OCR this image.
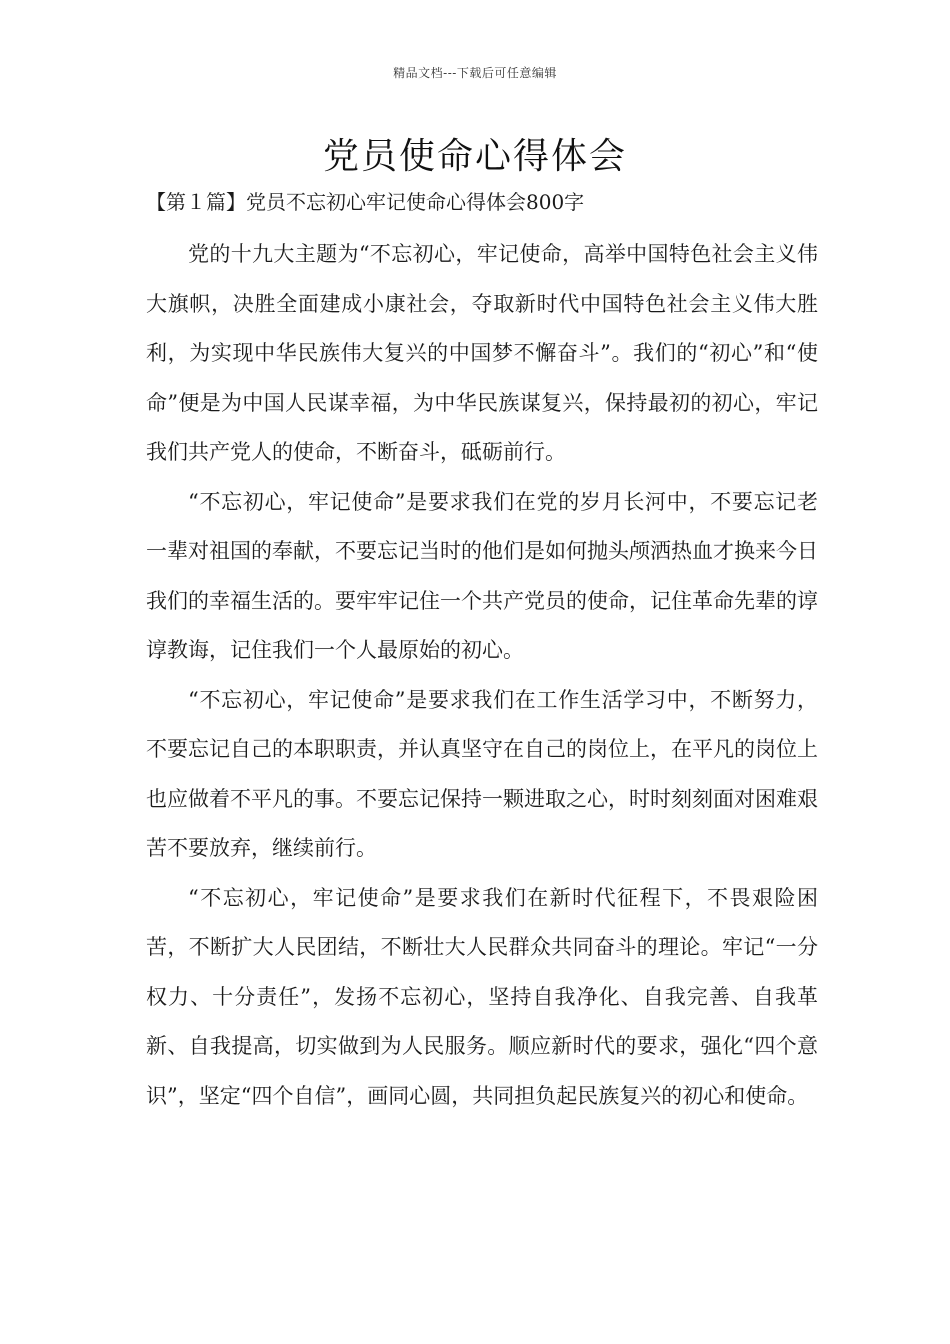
精品文档---下载后可任意编辑
党员使命心得体会
【第１篇】党员不忘初心牢记使命心得体会800字

党的十九大主题为“不忘初心，牢记使命，高举中国特色社会主义伟大旗帜，决胜全面建成小康社会，夺取新时代中国特色社会主义伟大胜利，为实现中华民族伟大复兴的中国梦不懈奋斗”。我们的“初心”和“使命”便是为中国人民谋幸福，为中华民族谋复兴，保持最初的初心，牢记我们共产党人的使命，不断奋斗，砥砺前行。

“不忘初心，牢记使命”是要求我们在党的岁月长河中，不要忘记老一辈对祖国的奉献，不要忘记当时的他们是如何抛头颅洒热血才换来今日我们的幸福生活的。要牢牢记住一个共产党员的使命，记住革命先辈的谆谆教诲，记住我们一个人最原始的初心。

“不忘初心，牢记使命”是要求我们在工作生活学习中，不断努力，不要忘记自己的本职职责，并认真坚守在自己的岗位上，在平凡的岗位上也应做着不平凡的事。不要忘记保持一颗进取之心，时时刻刻面对困难艰苦不要放弃，继续前行。

“不忘初心，牢记使命”是要求我们在新时代征程下，不畏艰险困苦，不断扩大人民团结，不断壮大人民群众共同奋斗的理论。牢记“一分权力、十分责任”，发扬不忘初心，坚持自我净化、自我完善、自我革新、自我提高，切实做到为人民服务。顺应新时代的要求，强化“四个意识”，坚定“四个自信”，画同心圆，共同担负起民族复兴的初心和使命。
